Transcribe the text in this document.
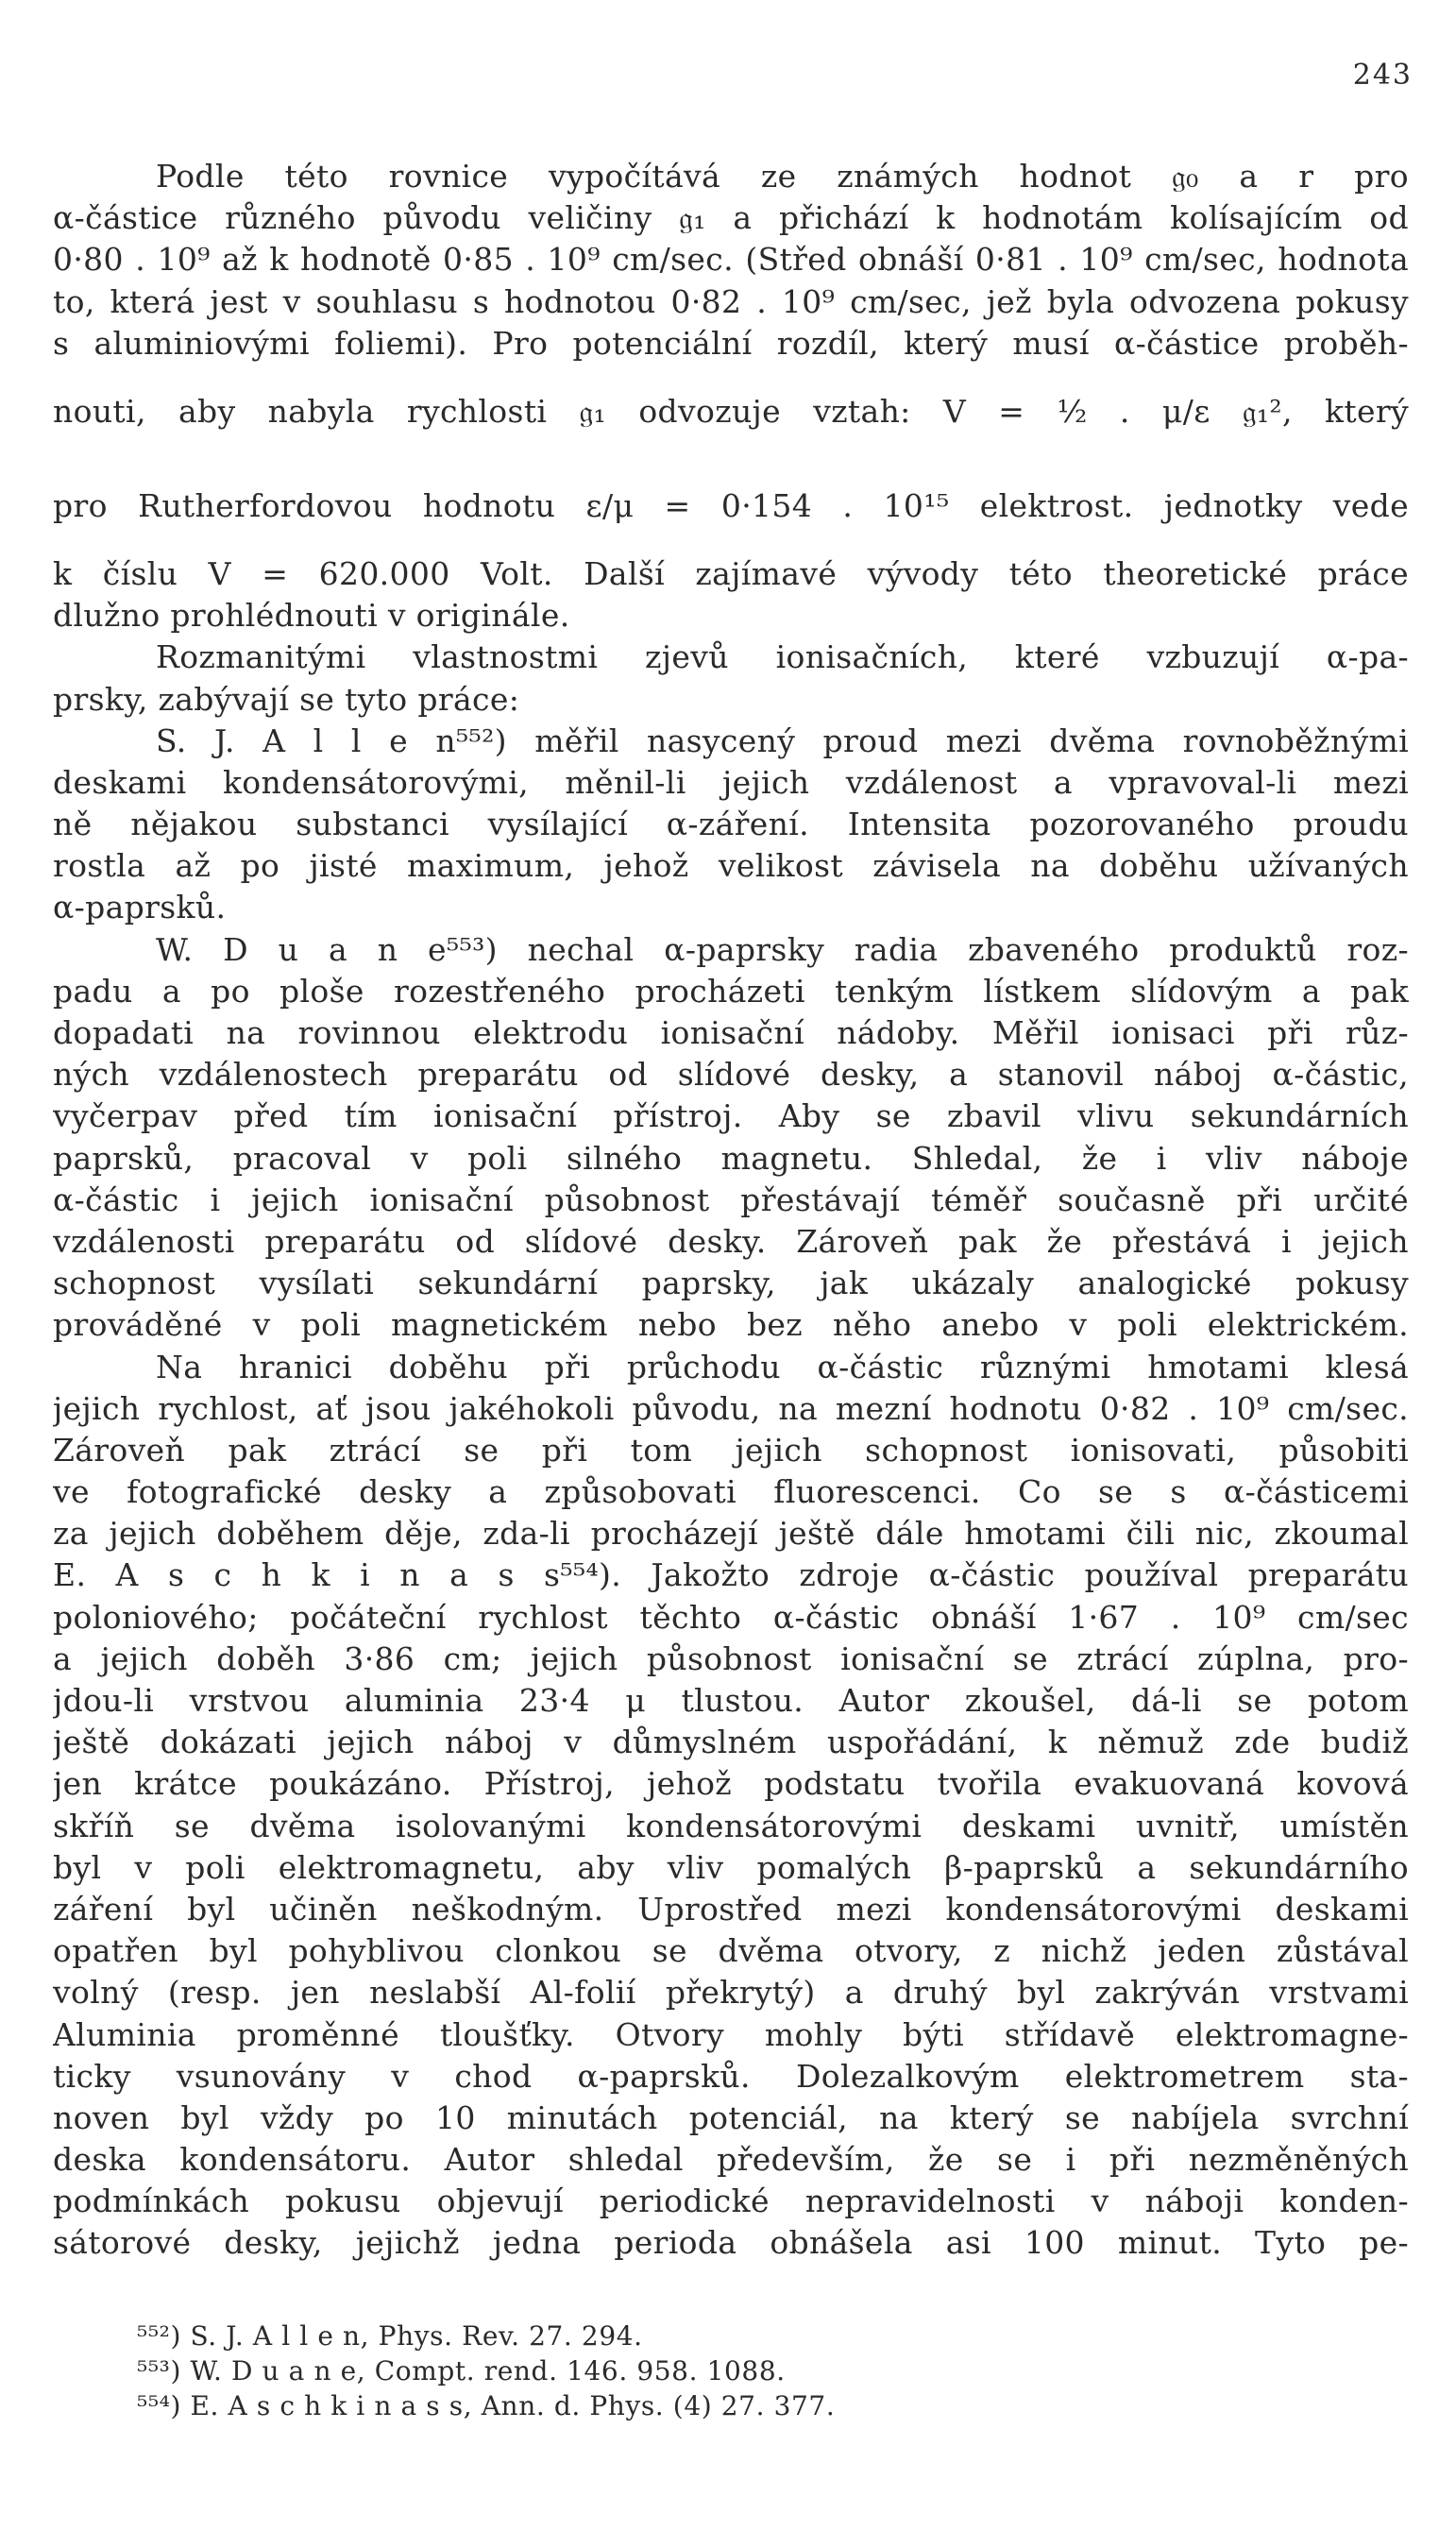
243
Podle této rovnice vypočítává ze známých hodnot 𝔤₀ a r pro
α-částice různého původu veličiny 𝔤₁ a přichází k hodnotám kolísajícím od
0·80 . 10⁹ až k hodnotě 0·85 . 10⁹ cm/sec. (Střed obnáší 0·81 . 10⁹ cm/sec, hodnota
to, která jest v souhlasu s hodnotou 0·82 . 10⁹ cm/sec, jež byla odvozena pokusy
s aluminiovými foliemi). Pro potenciální rozdíl, který musí α-částice proběh-
nouti, aby nabyla rychlosti 𝔤₁ odvozuje vztah: V = ½ . μ/ε 𝔤₁², který
pro Rutherfordovou hodnotu ε/μ = 0·154 . 10¹⁵ elektrost. jednotky vede
k číslu V = 620.000 Volt. Další zajímavé vývody této theoretické práce
dlužno prohlédnouti v originále.
Rozmanitými vlastnostmi zjevů ionisačních, které vzbuzují α-pa-
prsky, zabývají se tyto práce:
S. J. A l l e n⁵⁵²) měřil nasycený proud mezi dvěma rovnoběžnými
deskami kondensátorovými, měnil-li jejich vzdálenost a vpravoval-li mezi
ně nějakou substanci vysílající α-záření. Intensita pozorovaného proudu
rostla až po jisté maximum, jehož velikost závisela na doběhu užívaných
α-paprsků.
W. D u a n e⁵⁵³) nechal α-paprsky radia zbaveného produktů roz-
padu a po ploše rozestřeného procházeti tenkým lístkem slídovým a pak
dopadati na rovinnou elektrodu ionisační nádoby. Měřil ionisaci při růz-
ných vzdálenostech preparátu od slídové desky, a stanovil náboj α-částic,
vyčerpav před tím ionisační přístroj. Aby se zbavil vlivu sekundárních
paprsků, pracoval v poli silného magnetu. Shledal, že i vliv náboje
α-částic i jejich ionisační působnost přestávají téměř současně při určité
vzdálenosti preparátu od slídové desky. Zároveň pak že přestává i jejich
schopnost vysílati sekundární paprsky, jak ukázaly analogické pokusy
prováděné v poli magnetickém nebo bez něho anebo v poli elektrickém.
Na hranici doběhu při průchodu α-částic různými hmotami klesá
jejich rychlost, ať jsou jakéhokoli původu, na mezní hodnotu 0·82 . 10⁹ cm/sec.
Zároveň pak ztrácí se při tom jejich schopnost ionisovati, působiti
ve fotografické desky a způsobovati fluorescenci. Co se s α-částicemi
za jejich doběhem děje, zda-li procházejí ještě dále hmotami čili nic, zkoumal
E. A s c h k i n a s s⁵⁵⁴). Jakožto zdroje α-částic používal preparátu
poloniového; počáteční rychlost těchto α-částic obnáší 1·67 . 10⁹ cm/sec
a jejich doběh 3·86 cm; jejich působnost ionisační se ztrácí zúplna, pro-
jdou-li vrstvou aluminia 23·4 μ tlustou. Autor zkoušel, dá-li se potom
ještě dokázati jejich náboj v důmyslném uspořádání, k němuž zde budiž
jen krátce poukázáno. Přístroj, jehož podstatu tvořila evakuovaná kovová
skříň se dvěma isolovanými kondensátorovými deskami uvnitř, umístěn
byl v poli elektromagnetu, aby vliv pomalých β-paprsků a sekundárního
záření byl učiněn neškodným. Uprostřed mezi kondensátorovými deskami
opatřen byl pohyblivou clonkou se dvěma otvory, z nichž jeden zůstával
volný (resp. jen neslabší Al-folií překrytý) a druhý byl zakrýván vrstvami
Aluminia proměnné tloušťky. Otvory mohly býti střídavě elektromagne-
ticky vsunovány v chod α-paprsků. Dolezalkovým elektrometrem sta-
noven byl vždy po 10 minutách potenciál, na který se nabíjela svrchní
deska kondensátoru. Autor shledal především, že se i při nezměněných
podmínkách pokusu objevují periodické nepravidelnosti v náboji konden-
sátorové desky, jejichž jedna perioda obnášela asi 100 minut. Tyto pe-
⁵⁵²) S. J. A l l e n, Phys. Rev. 27. 294.
⁵⁵³) W. D u a n e, Compt. rend. 146. 958. 1088.
⁵⁵⁴) E. A s c h k i n a s s, Ann. d. Phys. (4) 27. 377.
